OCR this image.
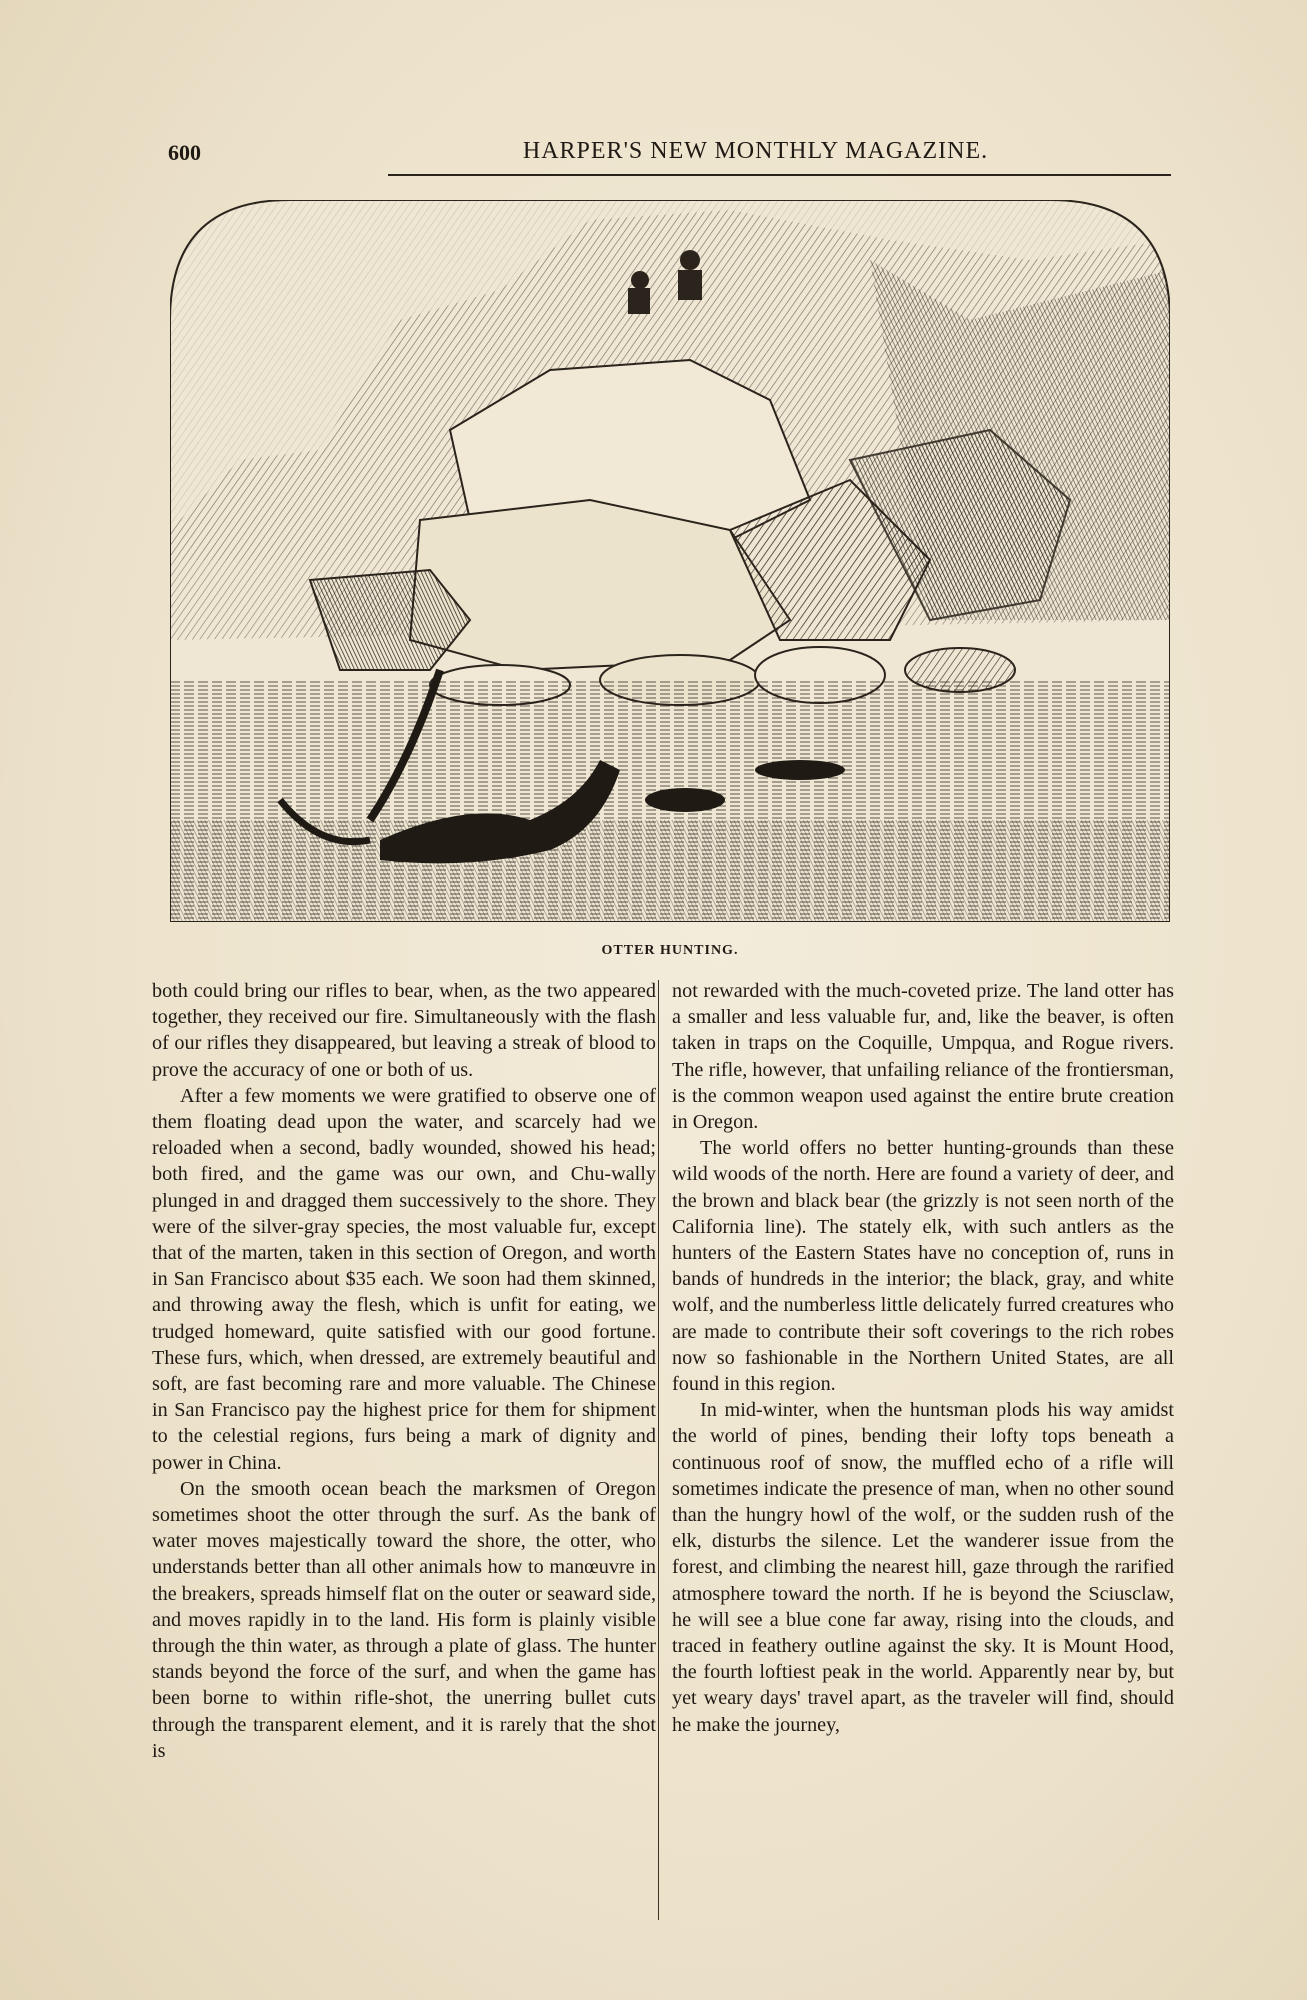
600	HARPER'S NEW MONTHLY MAGAZINE.
OTTER HUNTING.

both could bring our rifles to bear, when, as the two appeared together, they received our fire. Simultaneously with the flash of our rifles they disappeared, but leaving a streak of blood to prove the accuracy of one or both of us.

After a few moments we were gratified to observe one of them floating dead upon the water, and scarcely had we reloaded when a second, badly wounded, showed his head; both fired, and the game was our own, and Chu-wally plunged in and dragged them successively to the shore. They were of the silver-gray species, the most valuable fur, except that of the marten, taken in this section of Oregon, and worth in San Francisco about $35 each. We soon had them skinned, and throwing away the flesh, which is unfit for eating, we trudged homeward, quite satisfied with our good fortune. These furs, which, when dressed, are extremely beautiful and soft, are fast becoming rare and more valuable. The Chinese in San Francisco pay the highest price for them for shipment to the celestial regions, furs being a mark of dignity and power in China.

On the smooth ocean beach the marksmen of Oregon sometimes shoot the otter through the surf. As the bank of water moves majestically toward the shore, the otter, who understands better than all other animals how to manœuvre in the breakers, spreads himself flat on the outer or seaward side, and moves rapidly in to the land. His form is plainly visible through the thin water, as through a plate of glass. The hunter stands beyond the force of the surf, and when the game has been borne to within rifle-shot, the unerring bullet cuts through the transparent element, and it is rarely that the shot is

not rewarded with the much-coveted prize. The land otter has a smaller and less valuable fur, and, like the beaver, is often taken in traps on the Coquille, Umpqua, and Rogue rivers. The rifle, however, that unfailing reliance of the frontiersman, is the common weapon used against the entire brute creation in Oregon.

The world offers no better hunting-grounds than these wild woods of the north. Here are found a variety of deer, and the brown and black bear (the grizzly is not seen north of the California line). The stately elk, with such antlers as the hunters of the Eastern States have no conception of, runs in bands of hundreds in the interior; the black, gray, and white wolf, and the numberless little delicately furred creatures who are made to contribute their soft coverings to the rich robes now so fashionable in the Northern United States, are all found in this region.

In mid-winter, when the huntsman plods his way amidst the world of pines, bending their lofty tops beneath a continuous roof of snow, the muffled echo of a rifle will sometimes indicate the presence of man, when no other sound than the hungry howl of the wolf, or the sudden rush of the elk, disturbs the silence. Let the wanderer issue from the forest, and climbing the nearest hill, gaze through the rarified atmosphere toward the north. If he is beyond the Sciusclaw, he will see a blue cone far away, rising into the clouds, and traced in feathery outline against the sky. It is Mount Hood, the fourth loftiest peak in the world. Apparently near by, but yet weary days' travel apart, as the traveler will find, should he make the journey,
